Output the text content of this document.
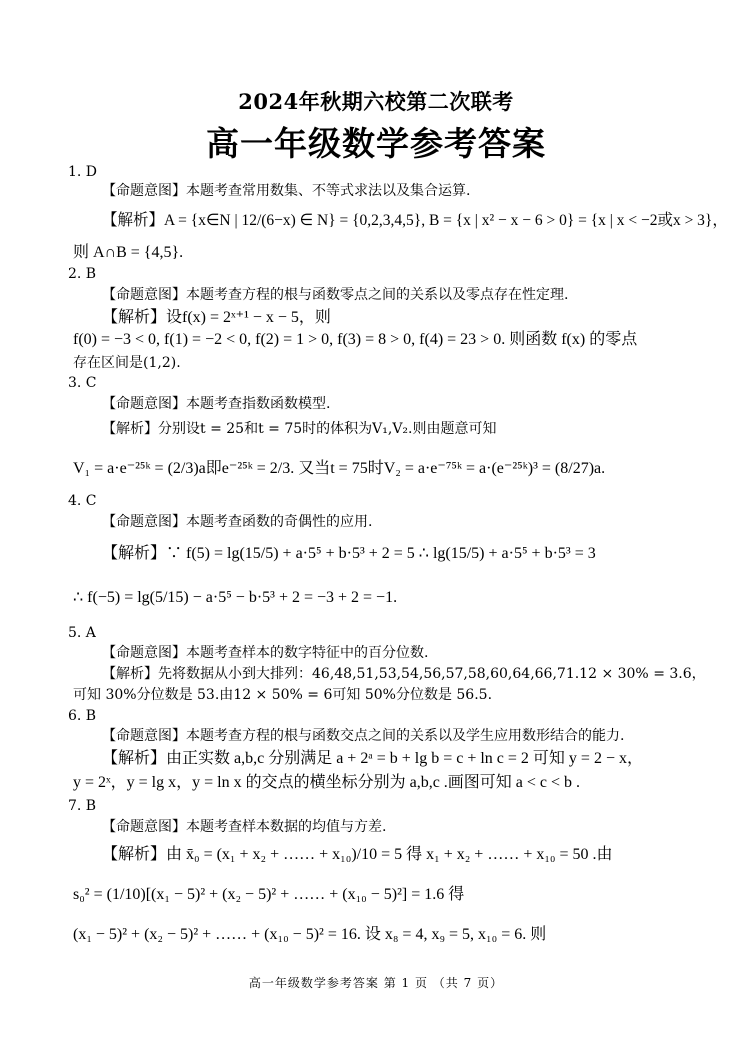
2024年秋期六校第二次联考
高一年级数学参考答案
1. D
【命题意图】本题考查常用数集、不等式求法以及集合运算.
【解析】A = {x∈N | 12/(6−x) ∈ N} = {0,2,3,4,5}, B = {x | x² − x − 6 > 0} = {x | x < −2或x > 3}，
则 A∩B = {4,5}.
2. B
【命题意图】本题考查方程的根与函数零点之间的关系以及零点存在性定理.
【解析】设f(x) = 2ˣ⁺¹ − x − 5，则
f(0) = −3 < 0, f(1) = −2 < 0, f(2) = 1 > 0, f(3) = 8 > 0, f(4) = 23 > 0. 则函数 f(x) 的零点
存在区间是(1,2).
3. C
【命题意图】本题考查指数函数模型.
【解析】分别设t = 25和t = 75时的体积为V₁,V₂.则由题意可知
V₁ = a·e⁻²⁵ᵏ = (2/3)a即e⁻²⁵ᵏ = 2/3. 又当t = 75时V₂ = a·e⁻⁷⁵ᵏ = a·(e⁻²⁵ᵏ)³ = (8/27)a.
4. C
【命题意图】本题考查函数的奇偶性的应用.
【解析】∵ f(5) = lg(15/5) + a·5⁵ + b·5³ + 2 = 5 ∴ lg(15/5) + a·5⁵ + b·5³ = 3
∴ f(−5) = lg(5/15) − a·5⁵ − b·5³ + 2 = −3 + 2 = −1.
5. A
【命题意图】本题考查样本的数字特征中的百分位数.
【解析】先将数据从小到大排列：46,48,51,53,54,56,57,58,60,64,66,71.12 × 30% = 3.6，
可知 30%分位数是 53.由12 × 50% = 6可知 50%分位数是 56.5.
6. B
【命题意图】本题考查方程的根与函数交点之间的关系以及学生应用数形结合的能力.
【解析】由正实数 a,b,c 分别满足 a + 2ᵃ = b + lg b = c + ln c = 2 可知 y = 2 − x，
y = 2ˣ，y = lg x，y = ln x 的交点的横坐标分别为 a,b,c .画图可知 a < c < b .
7. B
【命题意图】本题考查样本数据的均值与方差.
【解析】由 x̄₀ = (x₁ + x₂ + …… + x₁₀)/10 = 5 得 x₁ + x₂ + …… + x₁₀ = 50 .由
s₀² = (1/10)[(x₁ − 5)² + (x₂ − 5)² + …… + (x₁₀ − 5)²] = 1.6 得
(x₁ − 5)² + (x₂ − 5)² + …… + (x₁₀ − 5)² = 16. 设 x₈ = 4, x₉ = 5, x₁₀ = 6. 则
高一年级数学参考答案 第 1 页 （共 7 页）
